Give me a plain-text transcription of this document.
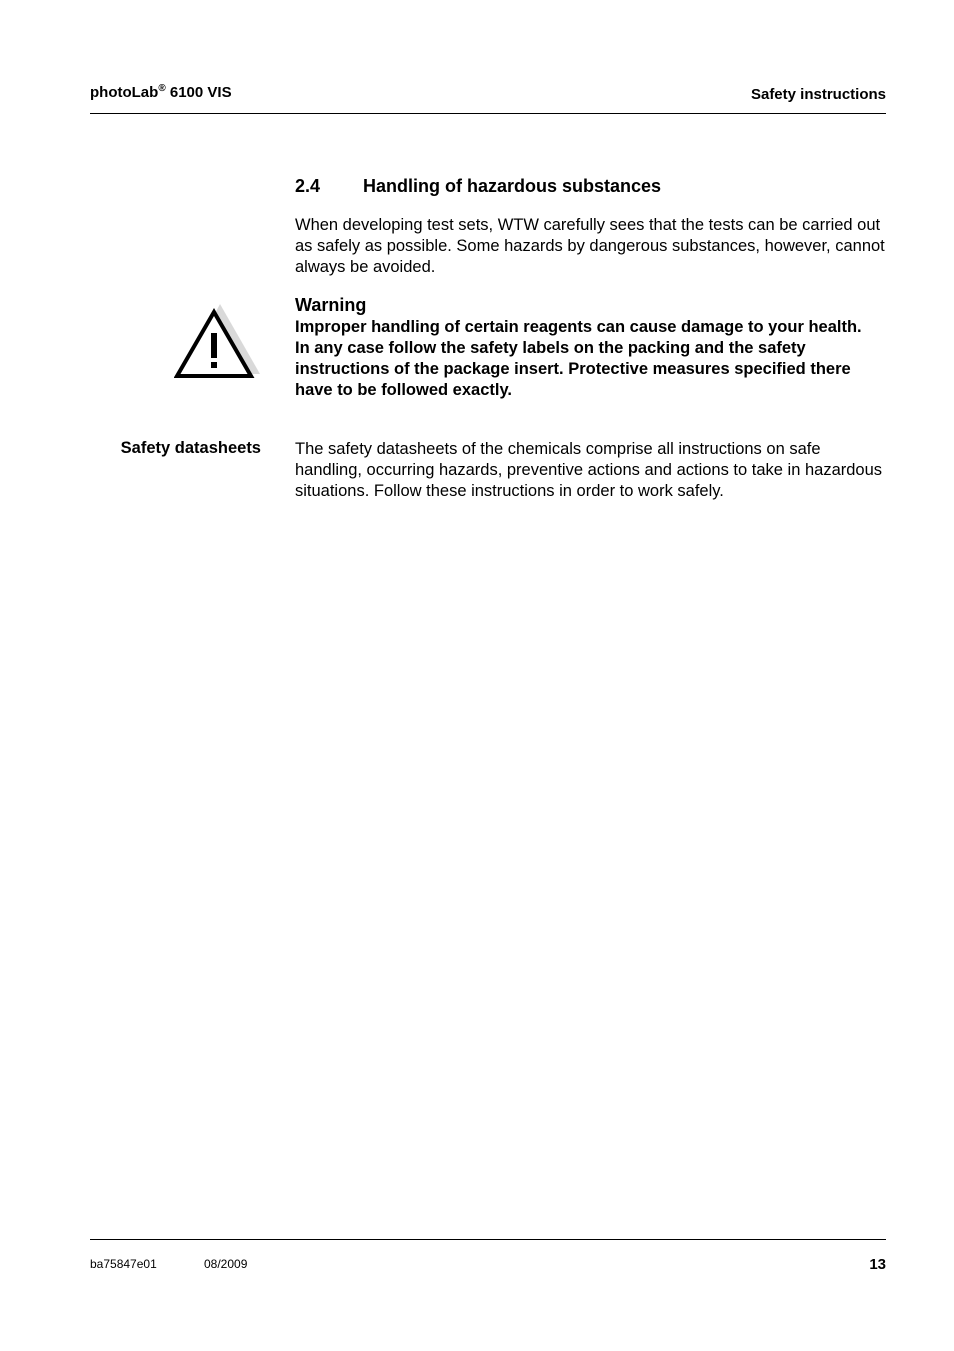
photoLab® 6100 VIS	Safety instructions
2.4 Handling of hazardous substances
When developing test sets, WTW carefully sees that the tests can be carried out as safely as possible. Some hazards by dangerous substances, however, cannot always be avoided.
Warning

Improper handling of certain reagents can cause damage to your health.

In any case follow the safety labels on the packing and the safety instructions of the package insert. Protective measures specified there have to be followed exactly.

Safety datasheets The safety datasheets of the chemicals comprise all instructions on safe handling, occurring hazards, preventive actions and actions to take in hazardous situations. Follow these instructions in order to work safely.
ba75847e01	08/2009	13
